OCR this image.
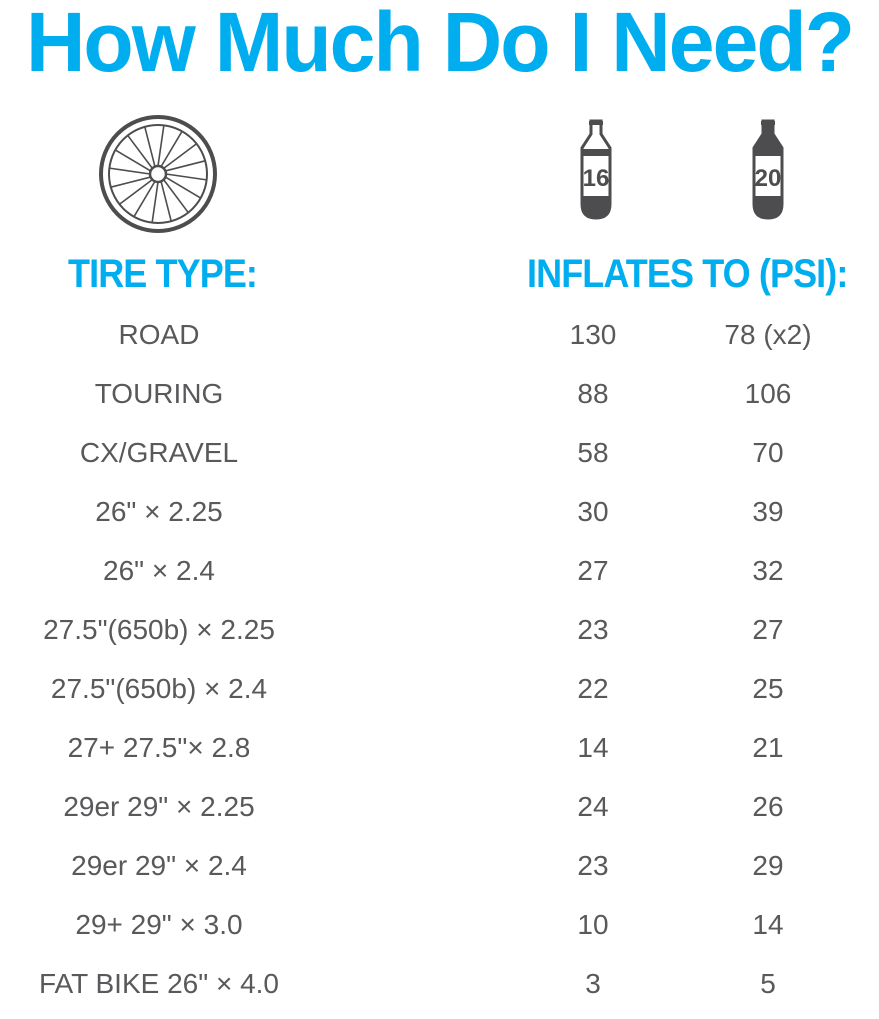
How Much Do I Need?
16	20
TIRE TYPE:	INFLATES TO (PSI):
ROAD	130	78 (x2)
TOURING	88	106
CX/GRAVEL	58	70
26" × 2.25	30	39
26" × 2.4	27	32
27.5"(650b) × 2.25	23	27
27.5"(650b) × 2.4	22	25
27+ 27.5"× 2.8	14	21
29er 29" × 2.25	24	26
29er 29" × 2.4	23	29
29+ 29" × 3.0	10	14
FAT BIKE 26" × 4.0	3	5
